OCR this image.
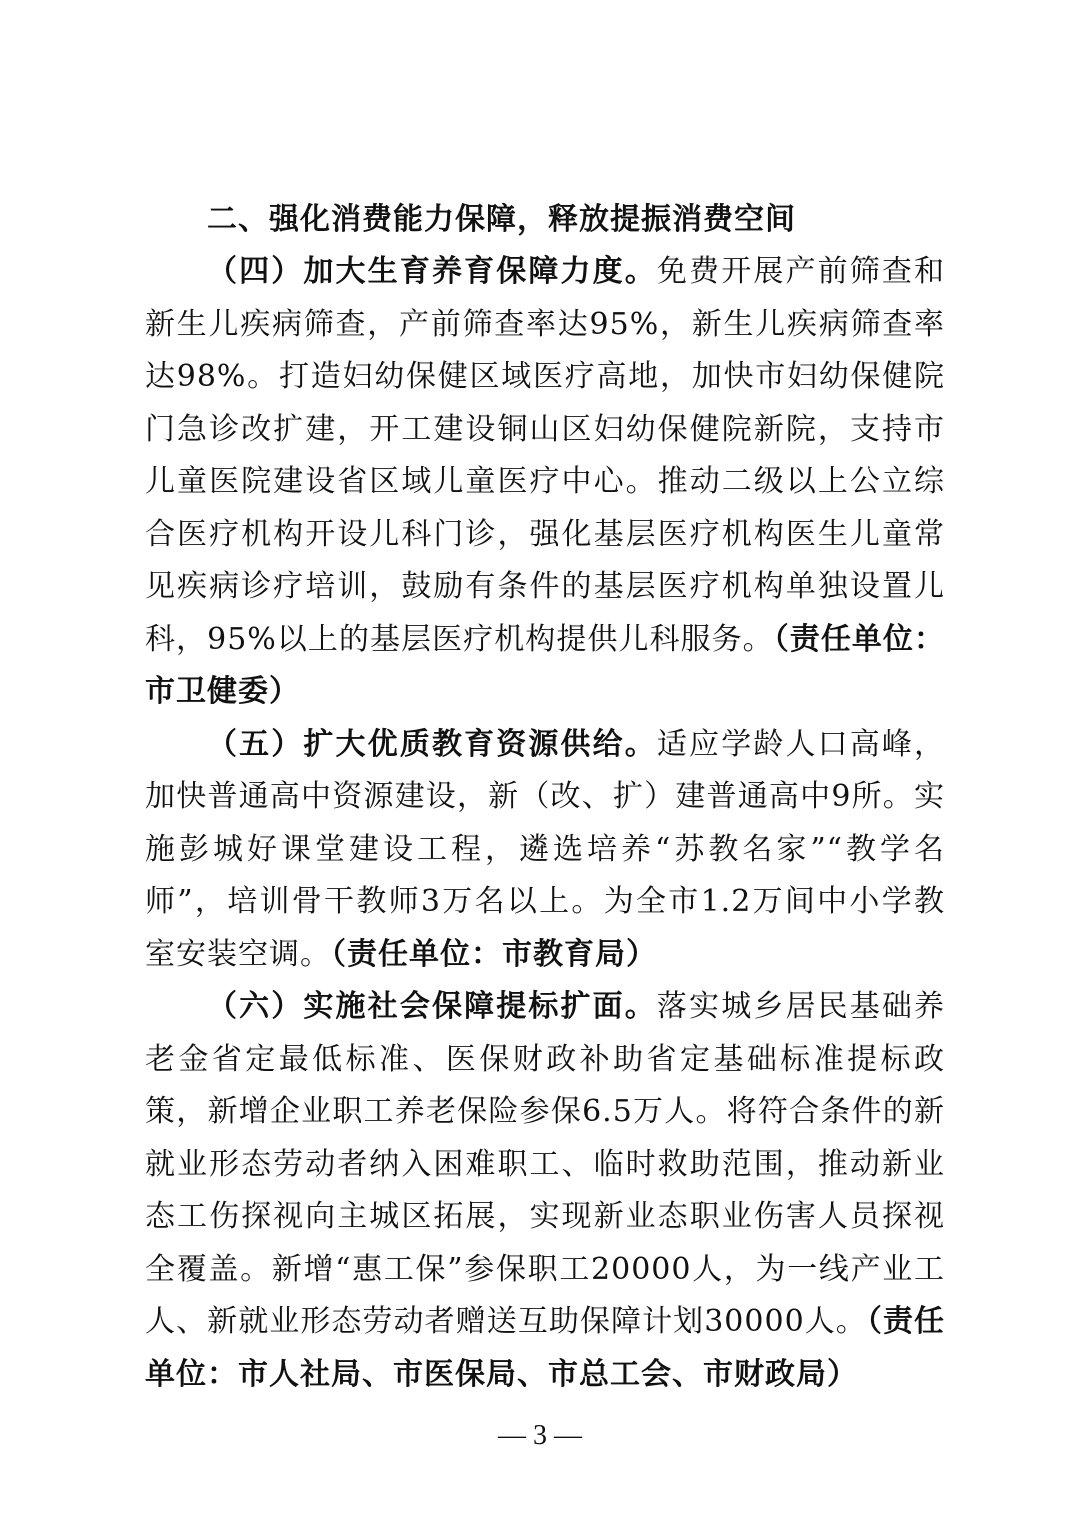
二、强化消费能力保障，释放提振消费空间

（四）加大生育养育保障力度。免费开展产前筛查和新生儿疾病筛查，产前筛查率达95%，新生儿疾病筛查率达98%。打造妇幼保健区域医疗高地，加快市妇幼保健院门急诊改扩建，开工建设铜山区妇幼保健院新院，支持市儿童医院建设省区域儿童医疗中心。推动二级以上公立综合医疗机构开设儿科门诊，强化基层医疗机构医生儿童常见疾病诊疗培训，鼓励有条件的基层医疗机构单独设置儿科，95%以上的基层医疗机构提供儿科服务。（责任单位：市卫健委）

（五）扩大优质教育资源供给。适应学龄人口高峰，加快普通高中资源建设，新（改、扩）建普通高中9所。实施彭城好课堂建设工程，遴选培养“苏教名家”“教学名师”，培训骨干教师3万名以上。为全市1.2万间中小学教室安装空调。（责任单位：市教育局）

（六）实施社会保障提标扩面。落实城乡居民基础养老金省定最低标准、医保财政补助省定基础标准提标政策，新增企业职工养老保险参保6.5万人。将符合条件的新就业形态劳动者纳入困难职工、临时救助范围，推动新业态工伤探视向主城区拓展，实现新业态职业伤害人员探视全覆盖。新增“惠工保”参保职工20000人，为一线产业工人、新就业形态劳动者赠送互助保障计划30000人。（责任单位：市人社局、市医保局、市总工会、市财政局）

— 3 —
